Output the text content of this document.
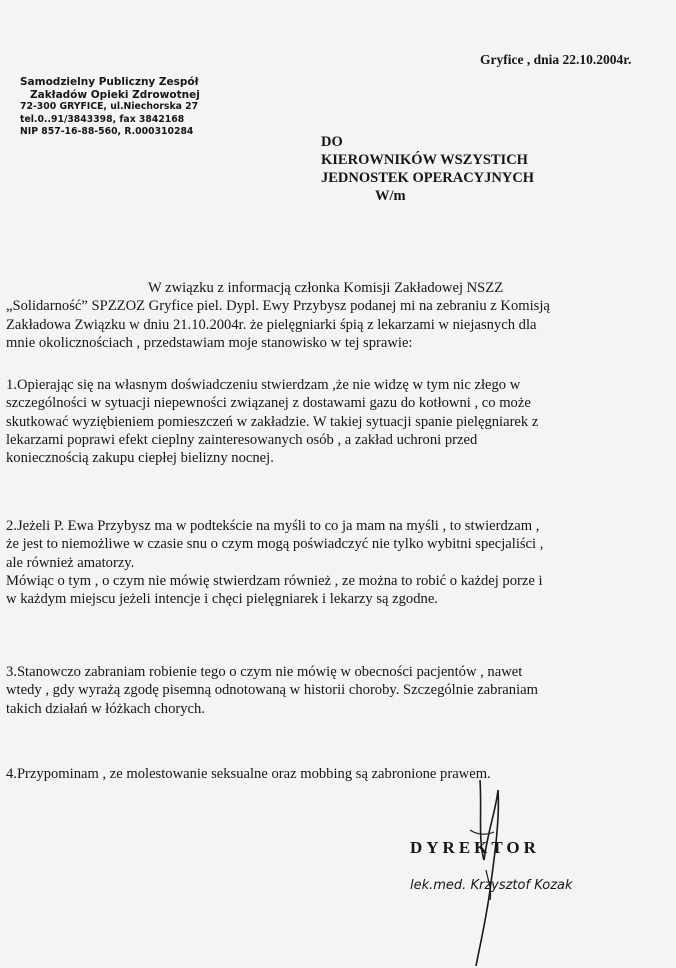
Gryfice , dnia 22.10.2004r.
Samodzielny Publiczny Zespół
Zakładów Opieki Zdrowotnej
72-300 GRYFICE, ul.Niechorska 27
tel.0..91/3843398, fax 3842168
NIP 857-16-88-560, R.000310284
DO
KIEROWNIKÓW WSZYSTICH
JEDNOSTEK OPERACYJNYCH
W/m

W związku z informacją członka Komisji Zakładowej NSZZ

„Solidarność” SPZZOZ Gryfice piel. Dypl. Ewy Przybysz podanej mi na zebraniu z Komisją

Zakładowa Związku w dniu 21.10.2004r. że pielęgniarki śpią z lekarzami w niejasnych dla

mnie okolicznościach , przedstawiam moje stanowisko w tej sprawie:

1.Opierając się na własnym doświadczeniu stwierdzam ,że nie widzę w tym nic złego w

szczególności w sytuacji niepewności związanej z dostawami gazu do kotłowni , co może

skutkować wyziębieniem pomieszczeń w zakładzie. W takiej sytuacji spanie pielęgniarek z

lekarzami poprawi efekt cieplny zainteresowanych osób , a zakład uchroni przed

koniecznością zakupu ciepłej bielizny nocnej.

2.Jeżeli P. Ewa Przybysz ma w podtekście na myśli to co ja mam na myśli , to stwierdzam ,

że jest to niemożliwe w czasie snu o czym mogą poświadczyć nie tylko wybitni specjaliści ,

ale również amatorzy.

Mówiąc o tym , o czym nie mówię stwierdzam również , ze można to robić o każdej porze i

w każdym miejscu jeżeli intencje i chęci pielęgniarek i lekarzy są zgodne.

3.Stanowczo zabraniam robienie tego o czym nie mówię w obecności pacjentów , nawet

wtedy , gdy wyrażą zgodę pisemną odnotowaną w historii choroby. Szczególnie zabraniam

takich działań w łóżkach chorych.

4.Przypominam , ze molestowanie seksualne oraz mobbing są zabronione prawem.

DYREKTOR
lek.med. Krzysztof Kozak
